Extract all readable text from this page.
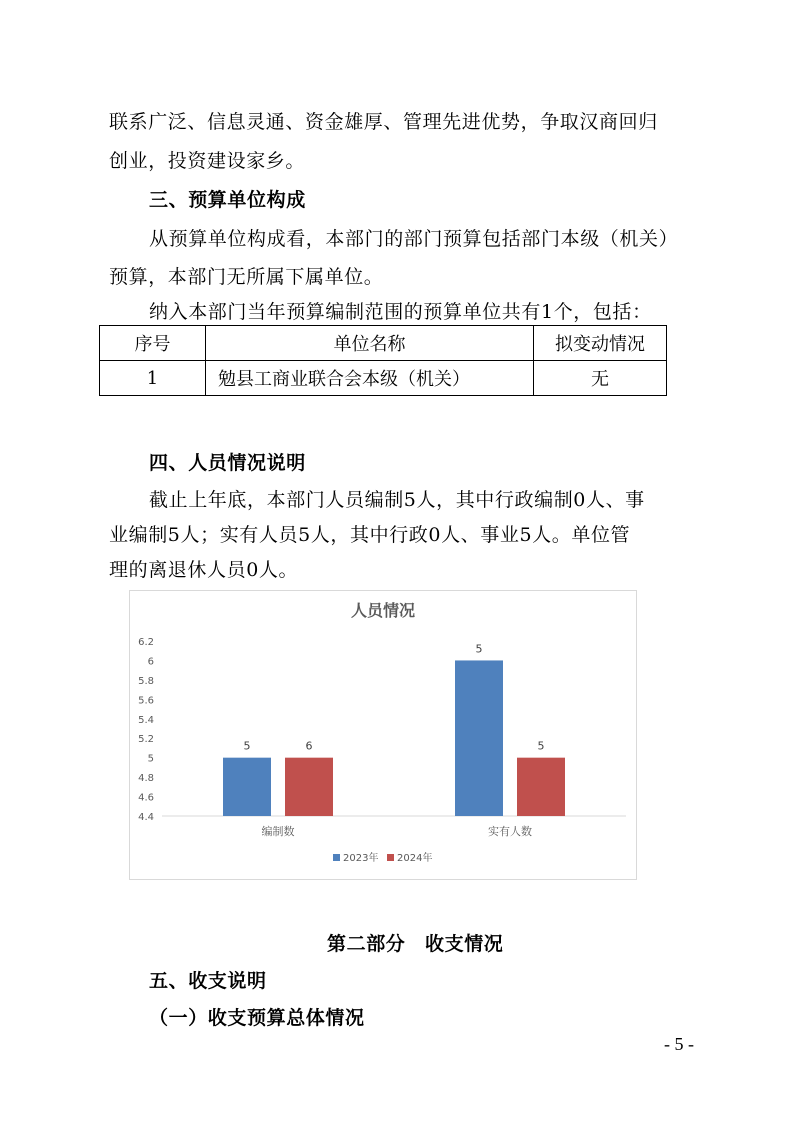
联系广泛、信息灵通、资金雄厚、管理先进优势，争取汉商回归
创业，投资建设家乡。
三、预算单位构成
从预算单位构成看，本部门的部门预算包括部门本级（机关）
预算，本部门无所属下属单位。
纳入本部门当年预算编制范围的预算单位共有1个，包括：
序号	单位名称	拟变动情况
1	勉县工商业联合会本级（机关）	无
四、人员情况说明
截止上年底，本部门人员编制5人，其中行政编制0人、事
业编制5人；实有人员5人，其中行政0人、事业5人。单位管
理的离退休人员0人。
人员情况
4.4
4.6
4.8
5
5.2
5.4
5.6
5.8
6
6.2
5	6
编制数
5
5
实有人数
2023年 2024年
第二部分　收支情况
五、收支说明
（一）收支预算总体情况
- 5 -
